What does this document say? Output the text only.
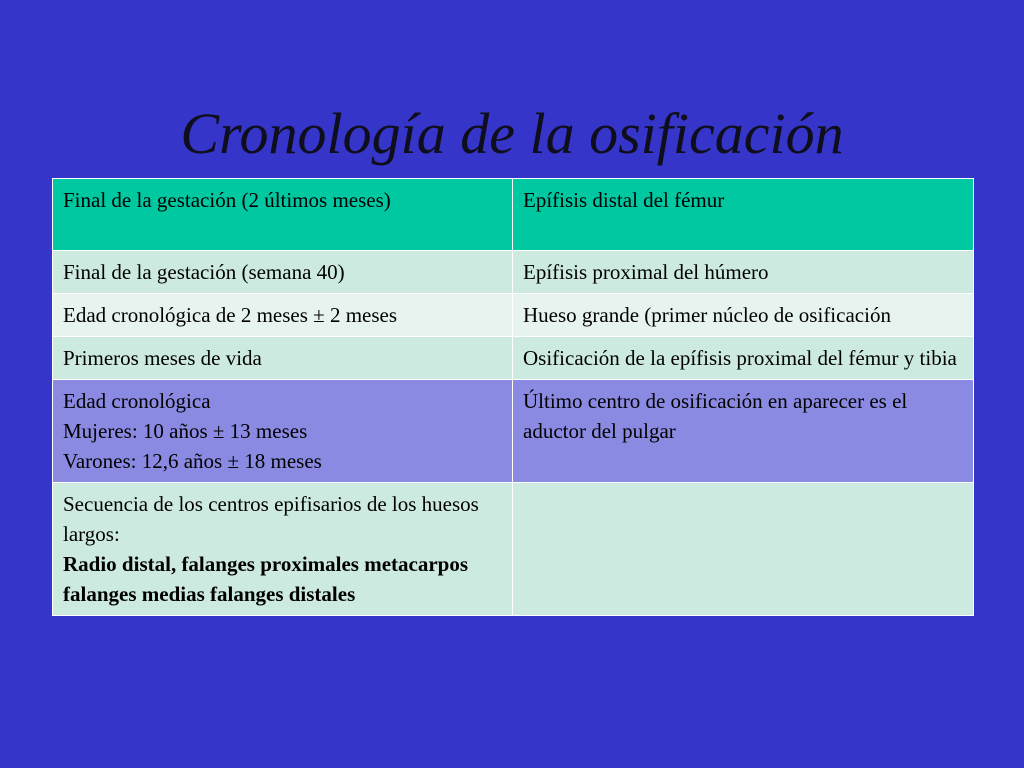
Cronología de la osificación
Final de la gestación (2 últimos meses)	Epífisis distal del fémur
Final de la gestación (semana 40)	Epífisis proximal del húmero
Edad cronológica de 2 meses ± 2 meses	Hueso grande (primer núcleo de osificación
Primeros meses de vida	Osificación de la epífisis proximal del fémur y tibia

Edad cronológica
Mujeres: 10 años ± 13 meses
Varones: 12,6 años ± 18 meses	Último centro de osificación en aparecer es el aductor del pulgar

Secuencia de los centros epifisarios de los huesos largos:
Radio distal, falanges proximales metacarpos falanges medias falanges distales	
